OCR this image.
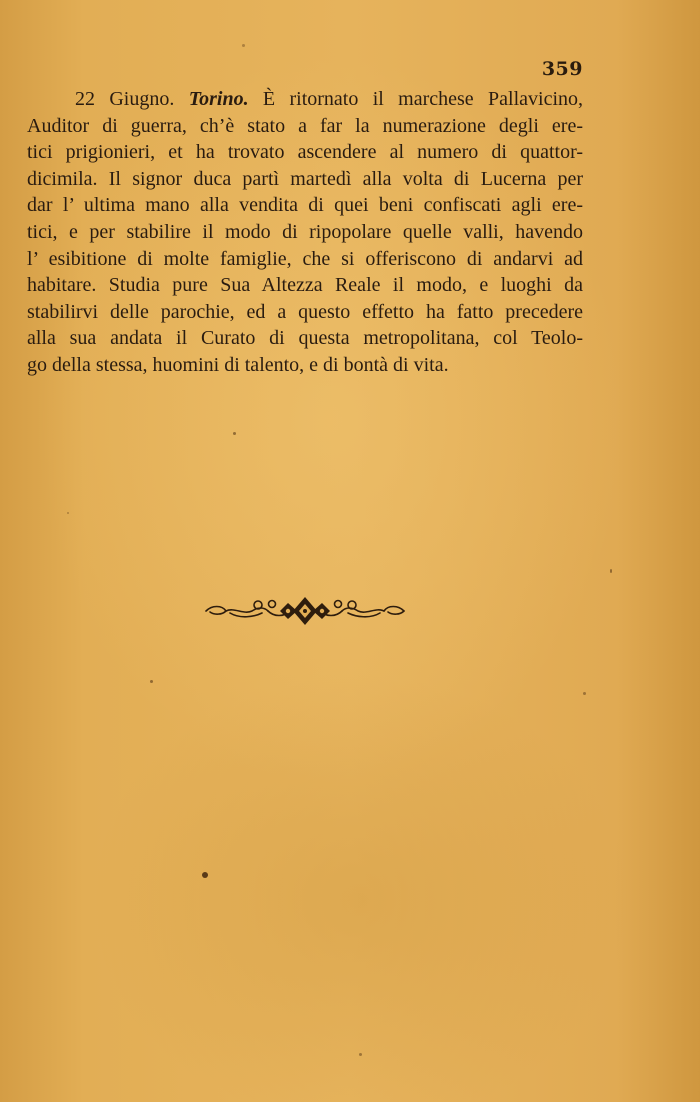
359

22 Giugno. Torino. È ritornato il marchese Pallavicino,
Auditor di guerra, ch’è stato a far la numerazione degli ere-
tici prigionieri, et ha trovato ascendere al numero di quattor-
dicimila. Il signor duca partì martedì alla volta di Lucerna per
dar l’ ultima mano alla vendita di quei beni confiscati agli ere-
tici, e per stabilire il modo di ripopolare quelle valli, havendo
l’ esibitione di molte famiglie, che si offeriscono di andarvi ad
habitare. Studia pure Sua Altezza Reale il modo, e luoghi da
stabilirvi delle parochie, ed a questo effetto ha fatto precedere
alla sua andata il Curato di questa metropolitana, col Teolo-
go della stessa, huomini di talento, e di bontà di vita.
